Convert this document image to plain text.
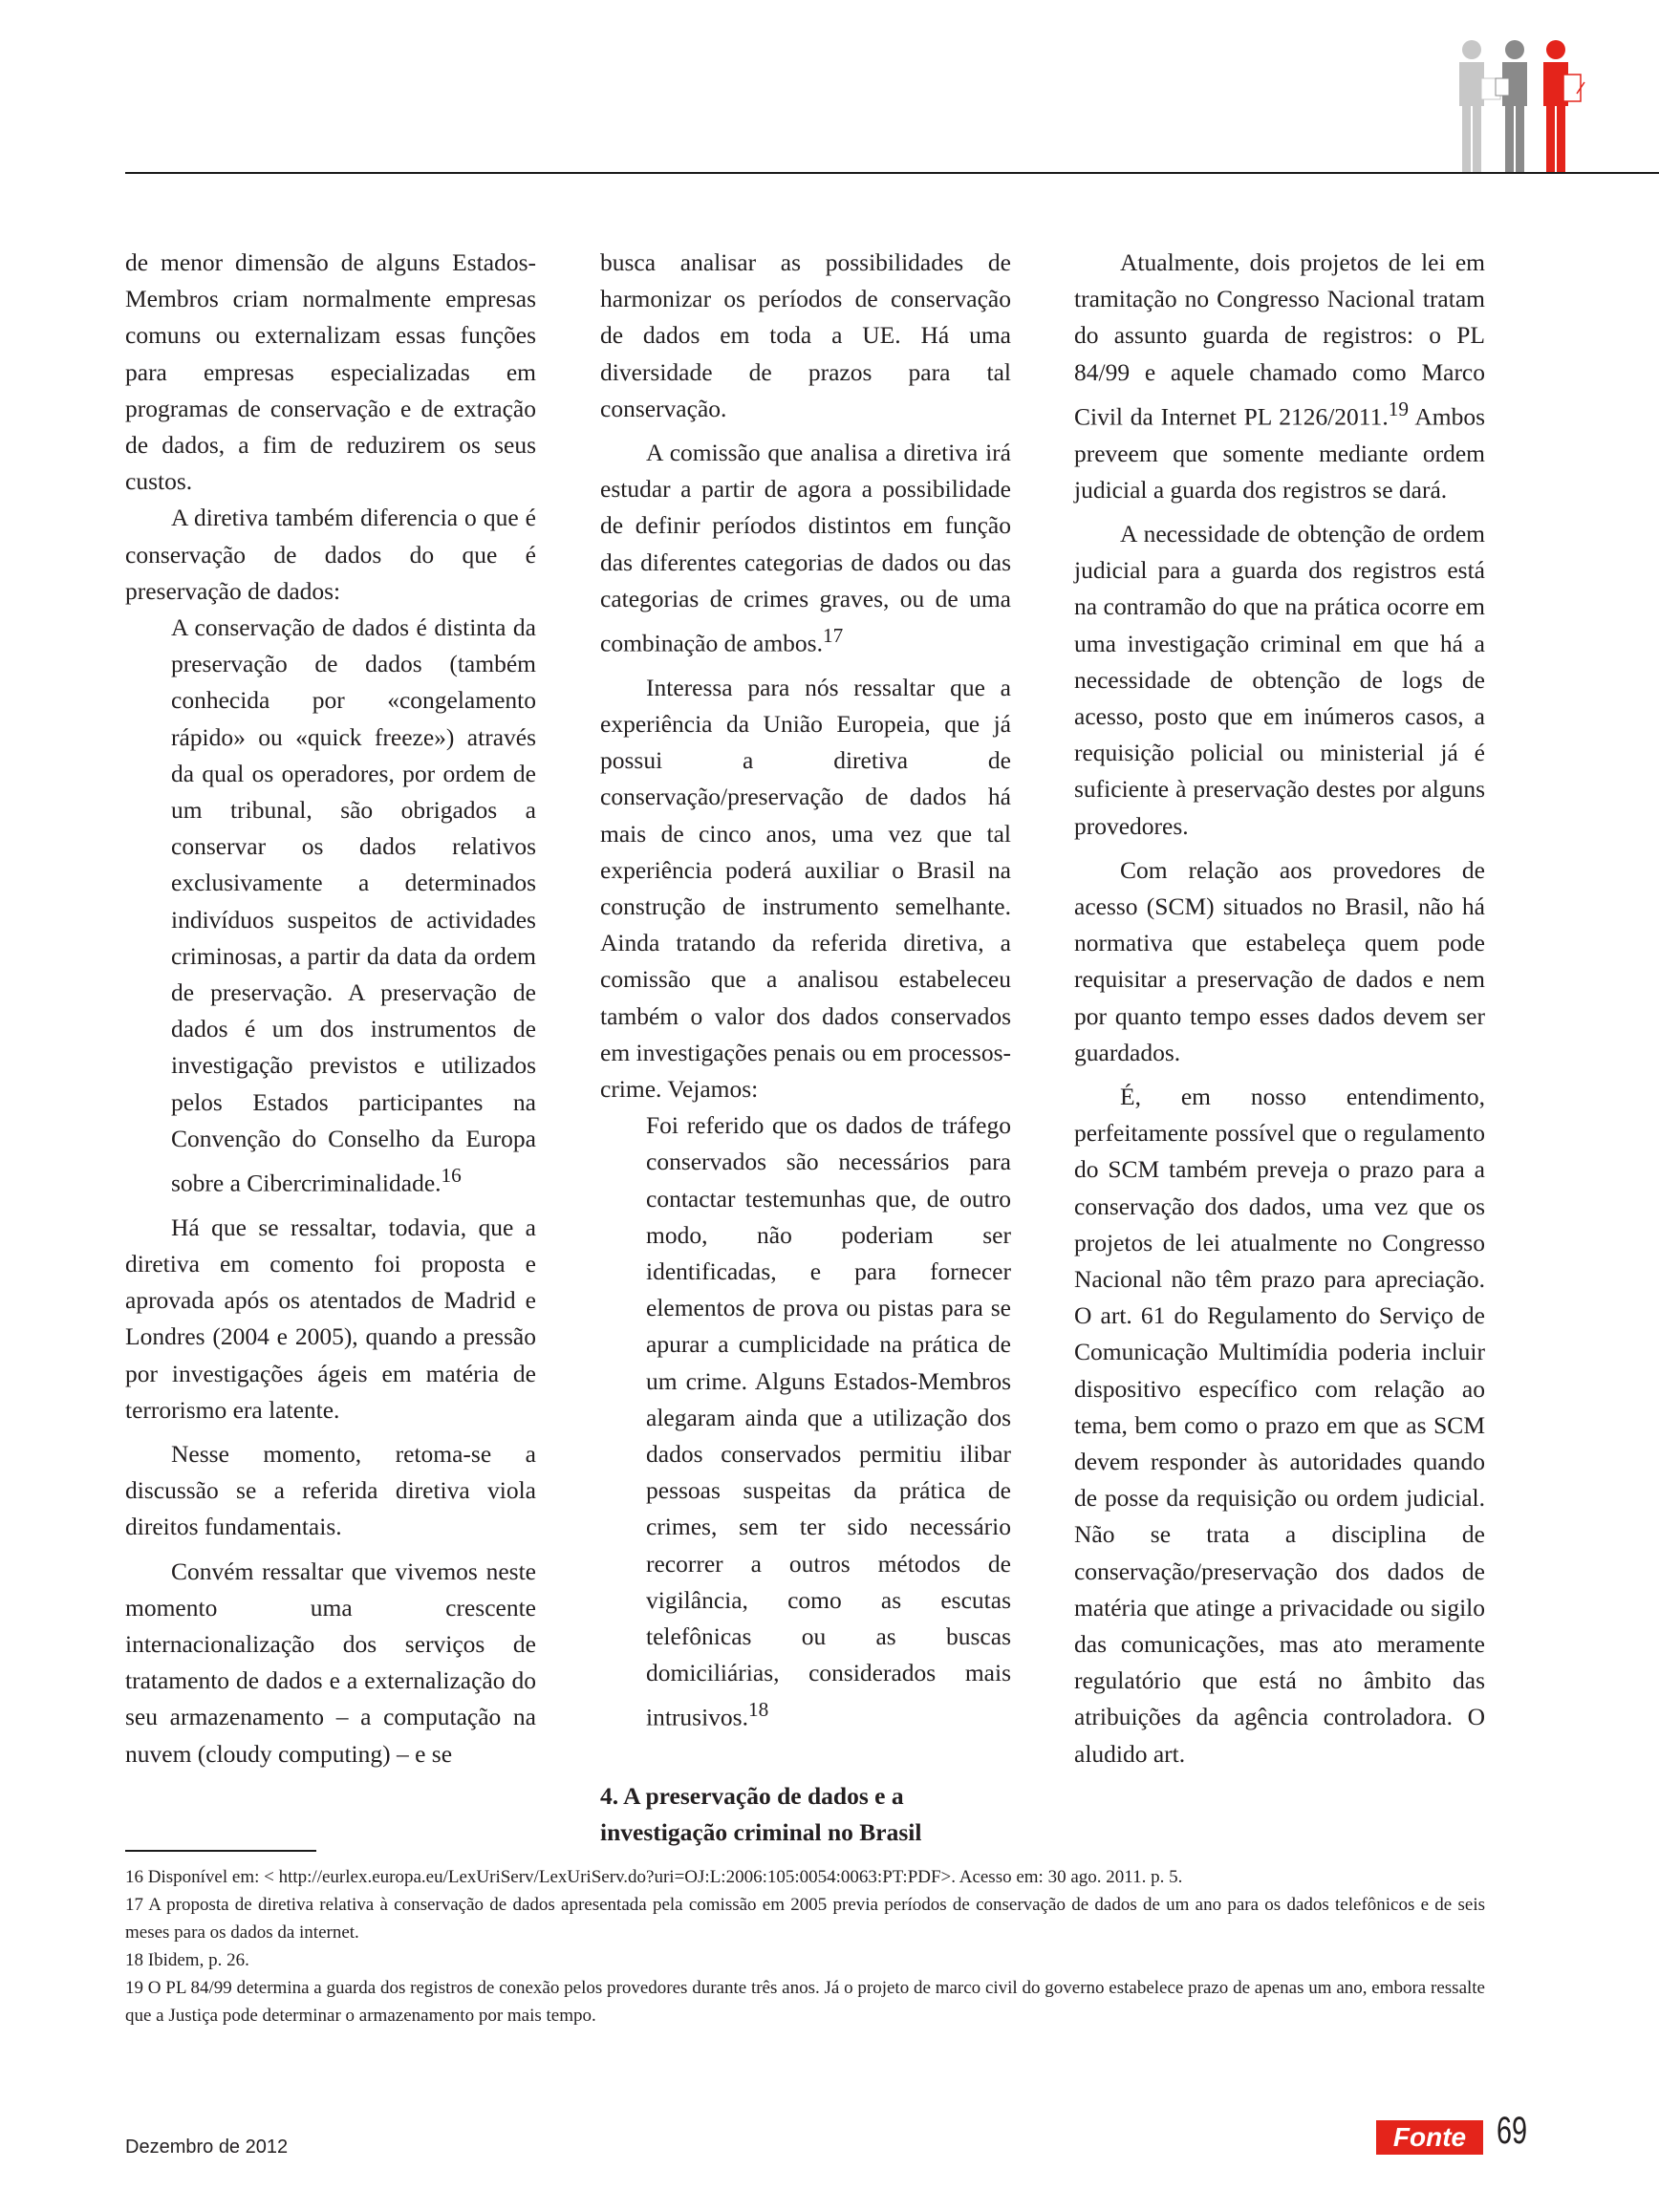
de menor dimensão de alguns Estados-Membros criam normalmente empresas comuns ou externalizam essas funções para empresas especializadas em programas de conservação e de extração de dados, a fim de reduzirem os seus custos.

A diretiva também diferencia o que é conservação de dados do que é preservação de dados:

A conservação de dados é distinta da preservação de dados (também conhecida por «congelamento rápido» ou «quick freeze») através da qual os operadores, por ordem de um tribunal, são obrigados a conservar os dados relativos exclusivamente a determinados indivíduos suspeitos de actividades criminosas, a partir da data da ordem de preservação. A preservação de dados é um dos instrumentos de investigação previstos e utilizados pelos Estados participantes na Convenção do Conselho da Europa sobre a Cibercriminalidade.$^{16}$

Há que se ressaltar, todavia, que a diretiva em comento foi proposta e aprovada após os atentados de Madrid e Londres (2004 e 2005), quando a pressão por investigações ágeis em matéria de terrorismo era latente.

Nesse momento, retoma-se a discussão se a referida diretiva viola direitos fundamentais.

Convém ressaltar que vivemos neste momento uma crescente internacionalização dos serviços de tratamento de dados e a externalização do seu armazenamento – a computação na nuvem (cloudy computing) – e se

busca analisar as possibilidades de harmonizar os períodos de conservação de dados em toda a UE. Há uma diversidade de prazos para tal conservação.

A comissão que analisa a diretiva irá estudar a partir de agora a possibilidade de definir períodos distintos em função das diferentes categorias de dados ou das categorias de crimes graves, ou de uma combinação de ambos.$^{17}$

Interessa para nós ressaltar que a experiência da União Europeia, que já possui a diretiva de conservação/preservação de dados há mais de cinco anos, uma vez que tal experiência poderá auxiliar o Brasil na construção de instrumento semelhante. Ainda tratando da referida diretiva, a comissão que a analisou estabeleceu também o valor dos dados conservados em investigações penais ou em processos-crime. Vejamos:

Foi referido que os dados de tráfego conservados são necessários para contactar testemunhas que, de outro modo, não poderiam ser identificadas, e para fornecer elementos de prova ou pistas para se apurar a cumplicidade na prática de um crime. Alguns Estados-Membros alegaram ainda que a utilização dos dados conservados permitiu ilibar pessoas suspeitas da prática de crimes, sem ter sido necessário recorrer a outros métodos de vigilância, como as escutas telefônicas ou as buscas domiciliárias, considerados mais intrusivos.$^{18}$

4. A preservação de dados e a investigação criminal no Brasil

Atualmente, dois projetos de lei em tramitação no Congresso Nacional tratam do assunto guarda de registros: o PL 84/99 e aquele chamado como Marco Civil da Internet PL 2126/2011.19 Ambos preveem que somente mediante ordem judicial a guarda dos registros se dará.

A necessidade de obtenção de ordem judicial para a guarda dos registros está na contramão do que na prática ocorre em uma investigação criminal em que há a necessidade de obtenção de logs de acesso, posto que em inúmeros casos, a requisição policial ou ministerial já é suficiente à preservação destes por alguns provedores.

Com relação aos provedores de acesso (SCM) situados no Brasil, não há normativa que estabeleça quem pode requisitar a preservação de dados e nem por quanto tempo esses dados devem ser guardados.

É, em nosso entendimento, perfeitamente possível que o regulamento do SCM também preveja o prazo para a conservação dos dados, uma vez que os projetos de lei atualmente no Congresso Nacional não têm prazo para apreciação. O art. 61 do Regulamento do Serviço de Comunicação Multimídia poderia incluir dispositivo específico com relação ao tema, bem como o prazo em que as SCM devem responder às autoridades quando de posse da requisição ou ordem judicial. Não se trata a disciplina de conservação/preservação dos dados de matéria que atinge a privacidade ou sigilo das comunicações, mas ato meramente regulatório que está no âmbito das atribuições da agência controladora. O aludido art.

16 Disponível em: < http://eurlex.europa.eu/LexUriServ/LexUriServ.do?uri=OJ:L:2006:105:0054:0063:PT:PDF>. Acesso em: 30 ago. 2011. p. 5.

17 A proposta de diretiva relativa à conservação de dados apresentada pela comissão em 2005 previa períodos de conservação de dados de um ano para os dados telefônicos e de seis meses para os dados da internet.

18 Ibidem, p. 26.

19 O PL 84/99 determina a guarda dos registros de conexão pelos provedores durante três anos. Já o projeto de marco civil do governo estabelece prazo de apenas um ano, embora ressalte que a Justiça pode determinar o armazenamento por mais tempo.

Dezembro de 2012	Fonte 69
